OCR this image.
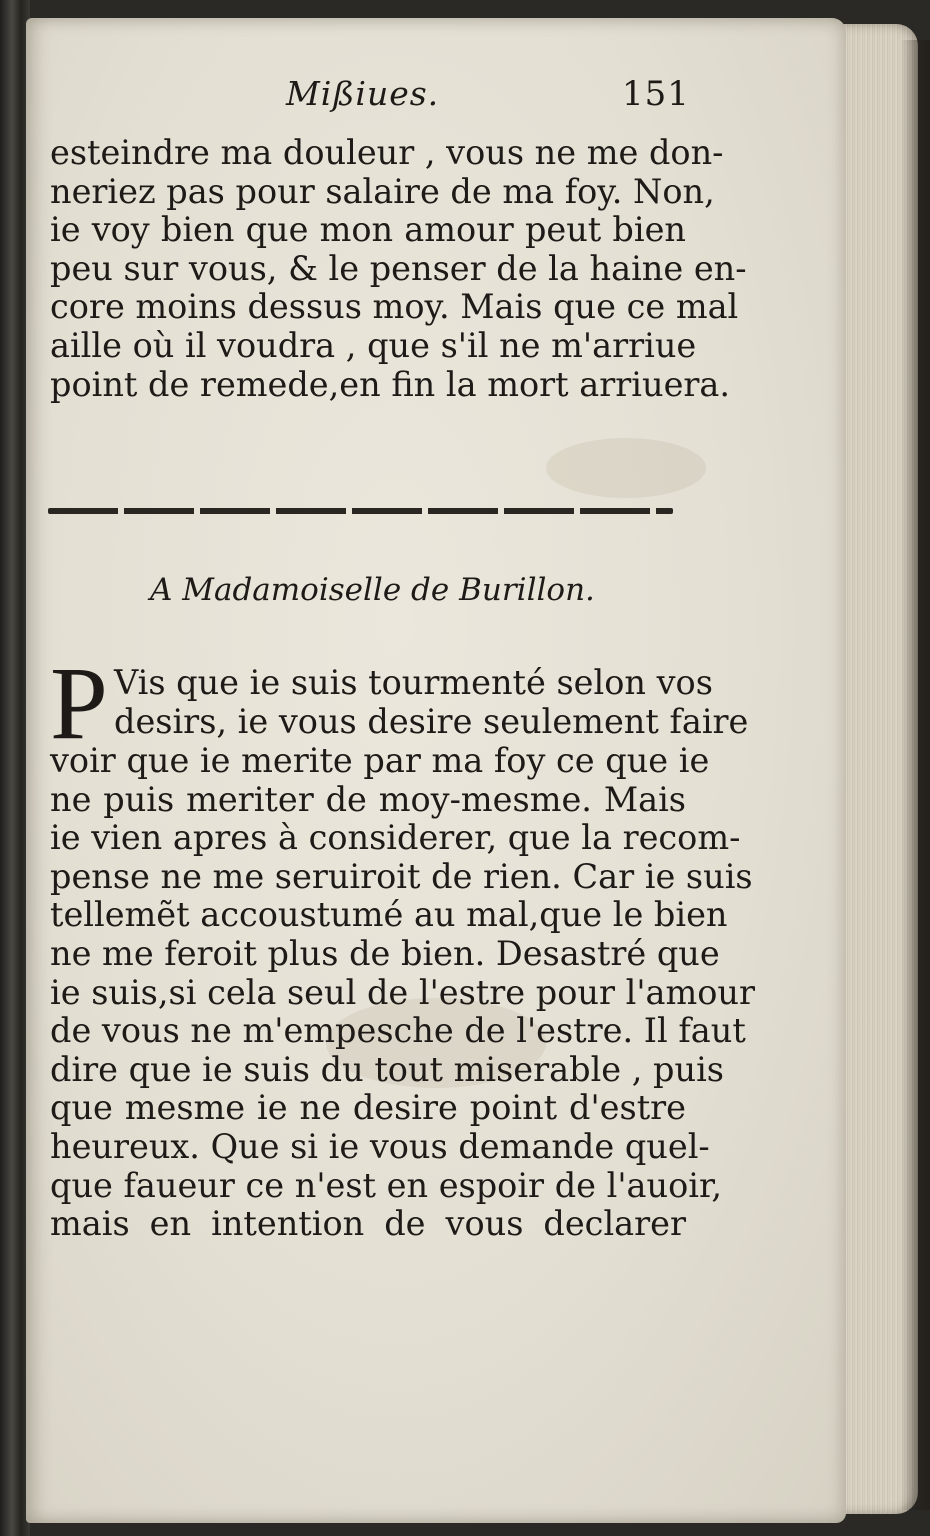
Mißiues.	151
esteindre ma douleur , vous ne me don-
neriez pas pour salaire de ma foy. Non,
ie voy bien que mon amour peut bien
peu sur vous, & le penser de la haine en-
core moins dessus moy. Mais que ce mal
aille où il voudra , que s'il ne m'arriue
point de remede,en fin la mort arriuera.
A Madamoiselle de Burillon.
P Vis que ie suis tourmenté selon vos
desirs, ie vous desire seulement faire
voir que ie merite par ma foy ce que ie
ne puis meriter de moy-mesme. Mais
ie vien apres à considerer, que la recom-
pense ne me seruiroit de rien. Car ie suis
tellemẽt accoustumé au mal,que le bien
ne me feroit plus de bien. Desastré que
ie suis,si cela seul de l'estre pour l'amour
de vous ne m'empesche de l'estre. Il faut
dire que ie suis du tout miserable , puis
que mesme ie ne desire point d'estre
heureux. Que si ie vous demande quel-
que faueur ce n'est en espoir de l'auoir,
mais en intention de vous declarer
